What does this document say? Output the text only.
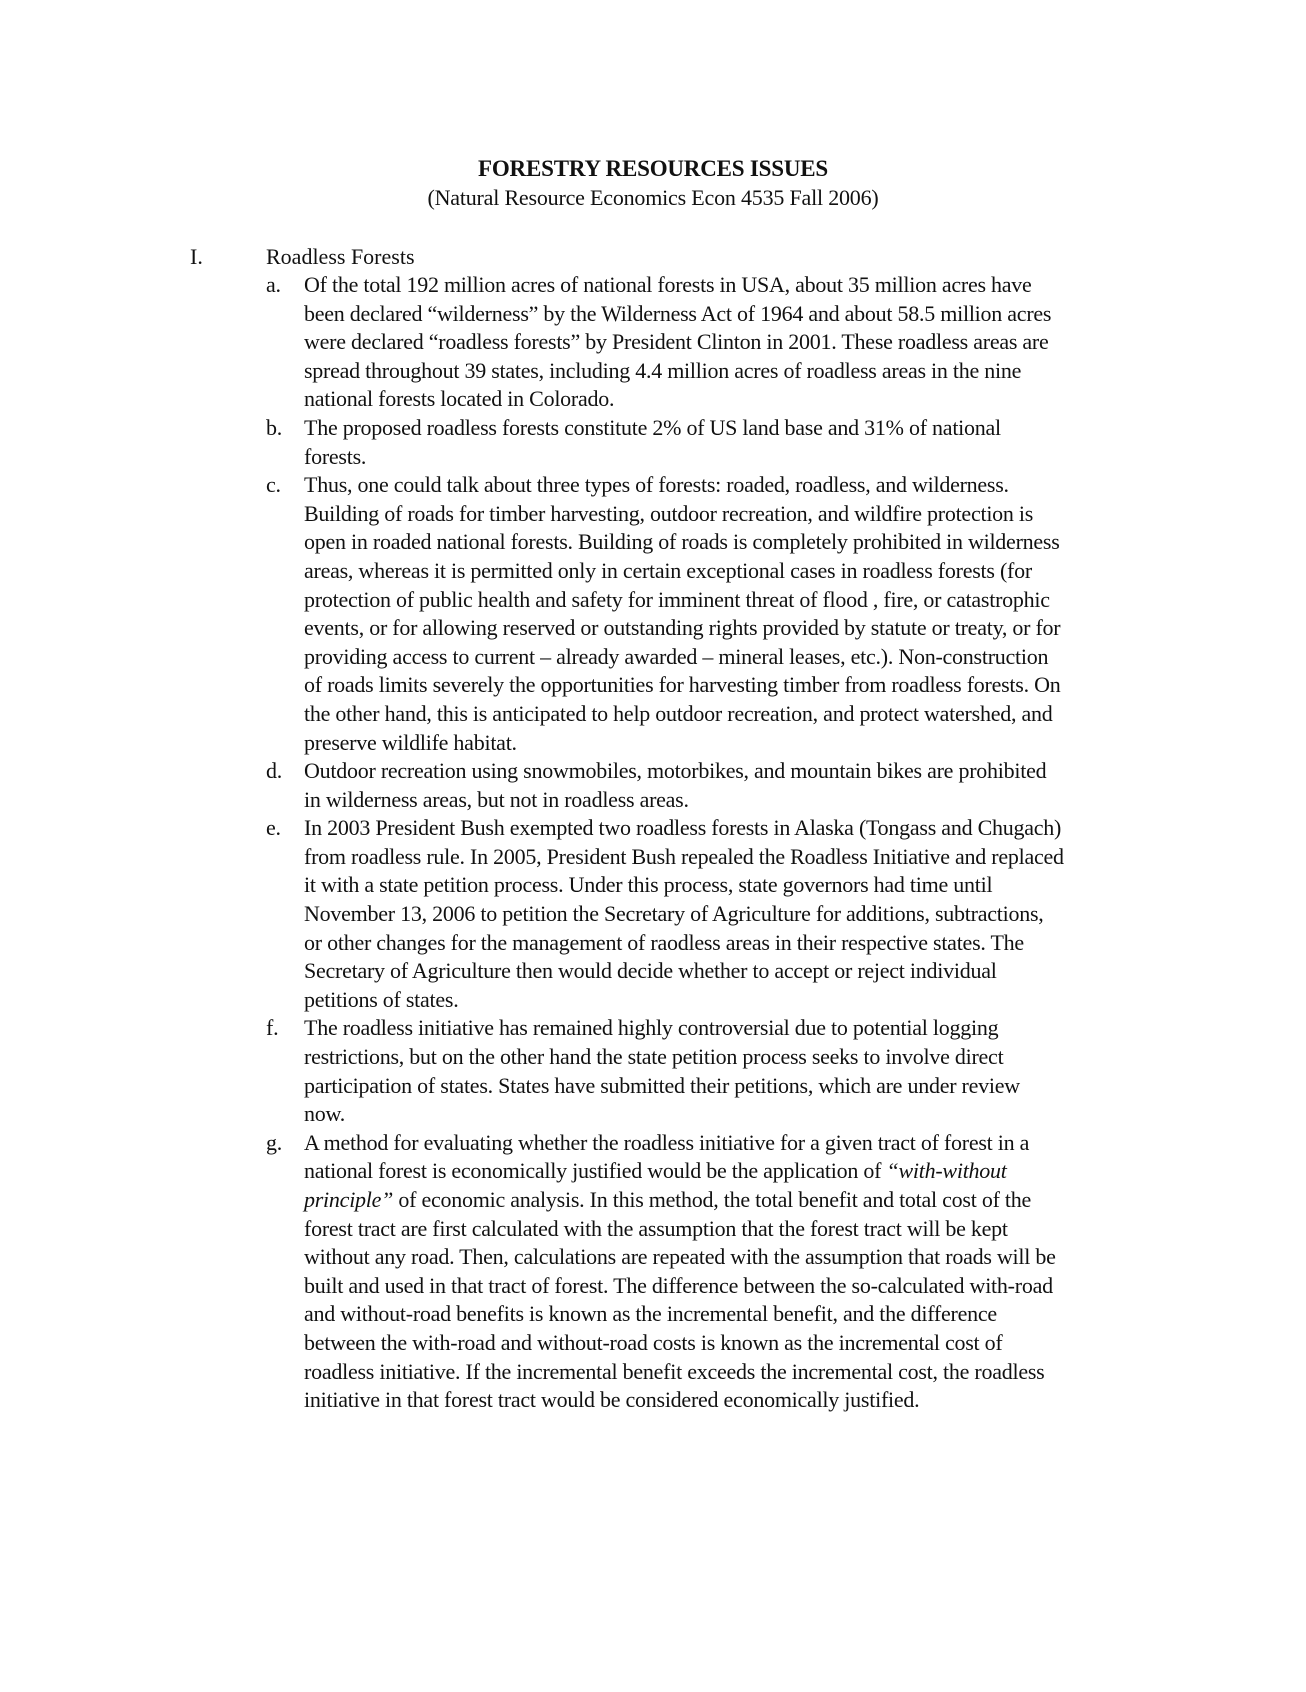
FORESTRY RESOURCES ISSUES
(Natural Resource Economics Econ 4535 Fall 2006)
I.	Roadless Forests
a. Of the total 192 million acres of national forests in USA, about 35 million acres have been declared “wilderness” by the Wilderness Act of 1964 and about 58.5 million acres were declared “roadless forests” by President Clinton in 2001. These roadless areas are spread throughout 39 states, including 4.4 million acres of roadless areas in the nine national forests located in Colorado.
b. The proposed roadless forests constitute 2% of US land base and 31% of national forests.
c. Thus, one could talk about three types of forests: roaded, roadless, and wilderness. Building of roads for timber harvesting, outdoor recreation, and wildfire protection is open in roaded national forests. Building of roads is completely prohibited in wilderness areas, whereas it is permitted only in certain exceptional cases in roadless forests (for protection of public health and safety for imminent threat of flood , fire, or catastrophic events, or for allowing reserved or outstanding rights provided by statute or treaty, or for providing access to current – already awarded – mineral leases, etc.). Non-construction of roads limits severely the opportunities for harvesting timber from roadless forests. On the other hand, this is anticipated to help outdoor recreation, and protect watershed, and preserve wildlife habitat.
d. Outdoor recreation using snowmobiles, motorbikes, and mountain bikes are prohibited in wilderness areas, but not in roadless areas.
e. In 2003 President Bush exempted two roadless forests in Alaska (Tongass and Chugach) from roadless rule. In 2005, President Bush repealed the Roadless Initiative and replaced it with a state petition process. Under this process, state governors had time until November 13, 2006 to petition the Secretary of Agriculture for additions, subtractions, or other changes for the management of raodless areas in their respective states. The Secretary of Agriculture then would decide whether to accept or reject individual petitions of states.
f. The roadless initiative has remained highly controversial due to potential logging restrictions, but on the other hand the state petition process seeks to involve direct participation of states. States have submitted their petitions, which are under review now.
g. A method for evaluating whether the roadless initiative for a given tract of forest in a national forest is economically justified would be the application of “with-without principle” of economic analysis. In this method, the total benefit and total cost of the forest tract are first calculated with the assumption that the forest tract will be kept without any road. Then, calculations are repeated with the assumption that roads will be built and used in that tract of forest. The difference between the so-calculated with-road and without-road benefits is known as the incremental benefit, and the difference between the with-road and without-road costs is known as the incremental cost of roadless initiative. If the incremental benefit exceeds the incremental cost, the roadless initiative in that forest tract would be considered economically justified.
